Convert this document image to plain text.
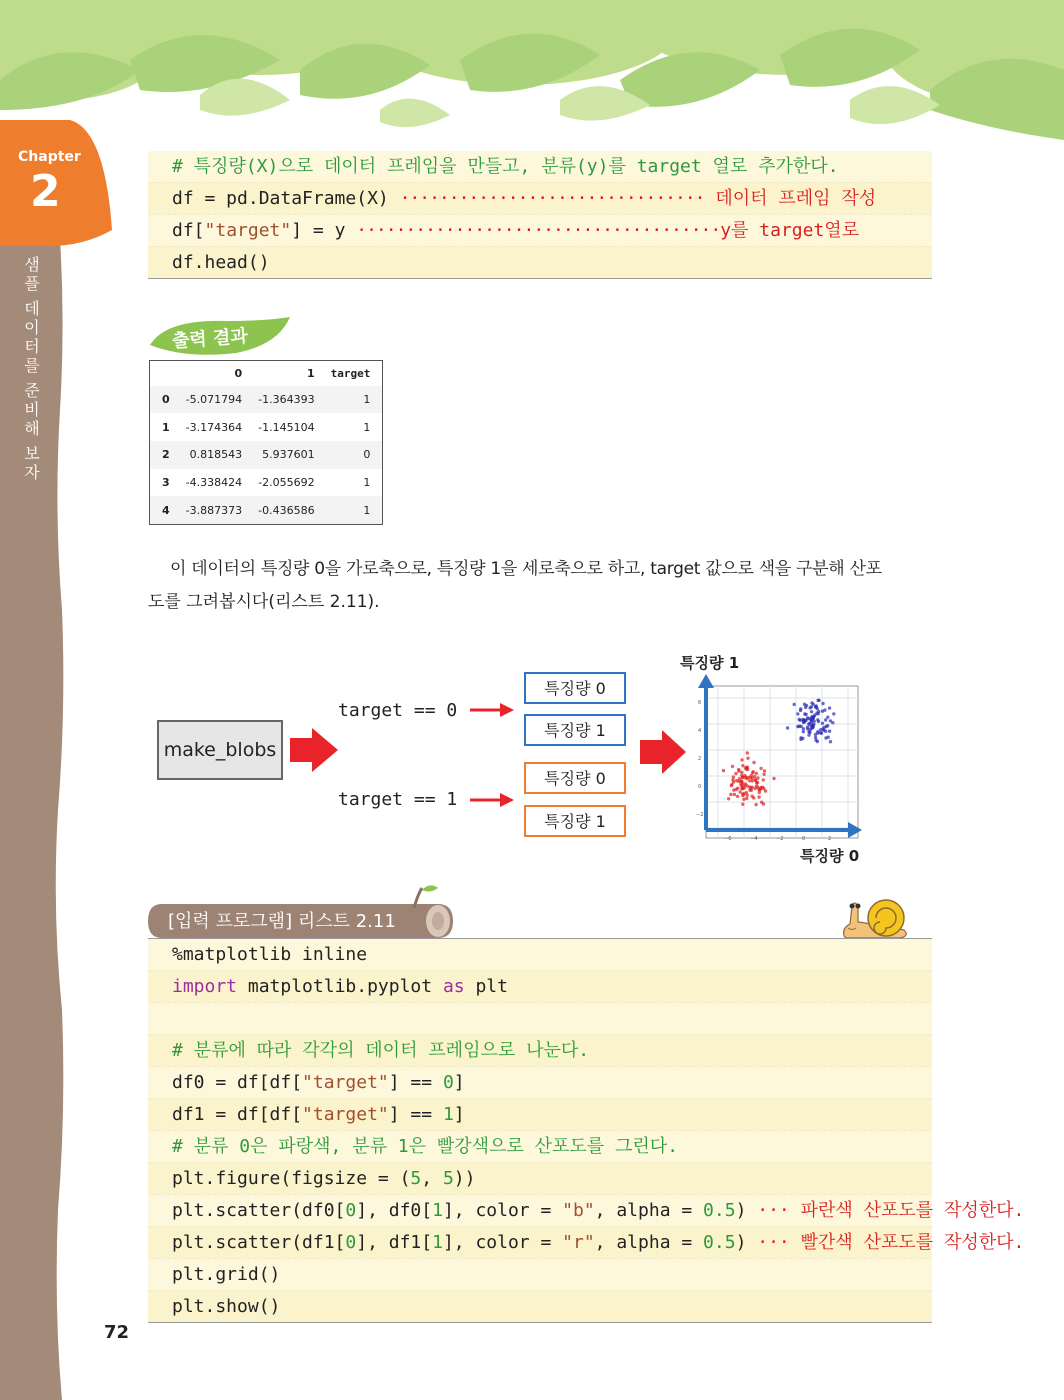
Chapter
2
샘
플
데
이
터
를
준
비
해
보
자
# 특징량(X)으로 데이터 프레임을 만들고, 분류(y)를 target 열로 추가한다.
df = pd.DataFrame(X) ······························· 데이터 프레임 작성
df["target"] = y ·····································y를 target열로
df.head()
출력 결과
	0	1	target
0	-5.071794	-1.364393	1
1	-3.174364	-1.145104	1
2	0.818543	5.937601	0
3	-4.338424	-2.055692	1
4	-3.887373	-0.436586	1

이 데이터의 특징량 0을 가로축으로, 특징량 1을 세로축으로 하고, target 값으로 색을 구분해 산포

도를 그려봅시다(리스트 2.11).

make_blobs
target == 0
target == 1
특징량 0
특징량 1
특징량 0
특징량 1
특징량 1
특징량 0
6
4
2
0
−2
−6	−4	−2	0	2
[입력 프로그램] 리스트 2.11
%matplotlib inline
import matplotlib.pyplot as plt
# 분류에 따라 각각의 데이터 프레임으로 나눈다.
df0 = df[df["target"] == 0]
df1 = df[df["target"] == 1]
# 분류 0은 파랑색, 분류 1은 빨강색으로 산포도를 그린다.
plt.figure(figsize = (5, 5))
plt.scatter(df0[0], df0[1], color = "b", alpha = 0.5) ··· 파란색 산포도를 작성한다.
plt.scatter(df1[0], df1[1], color = "r", alpha = 0.5) ··· 빨간색 산포도를 작성한다.
plt.grid()
plt.show()
72
